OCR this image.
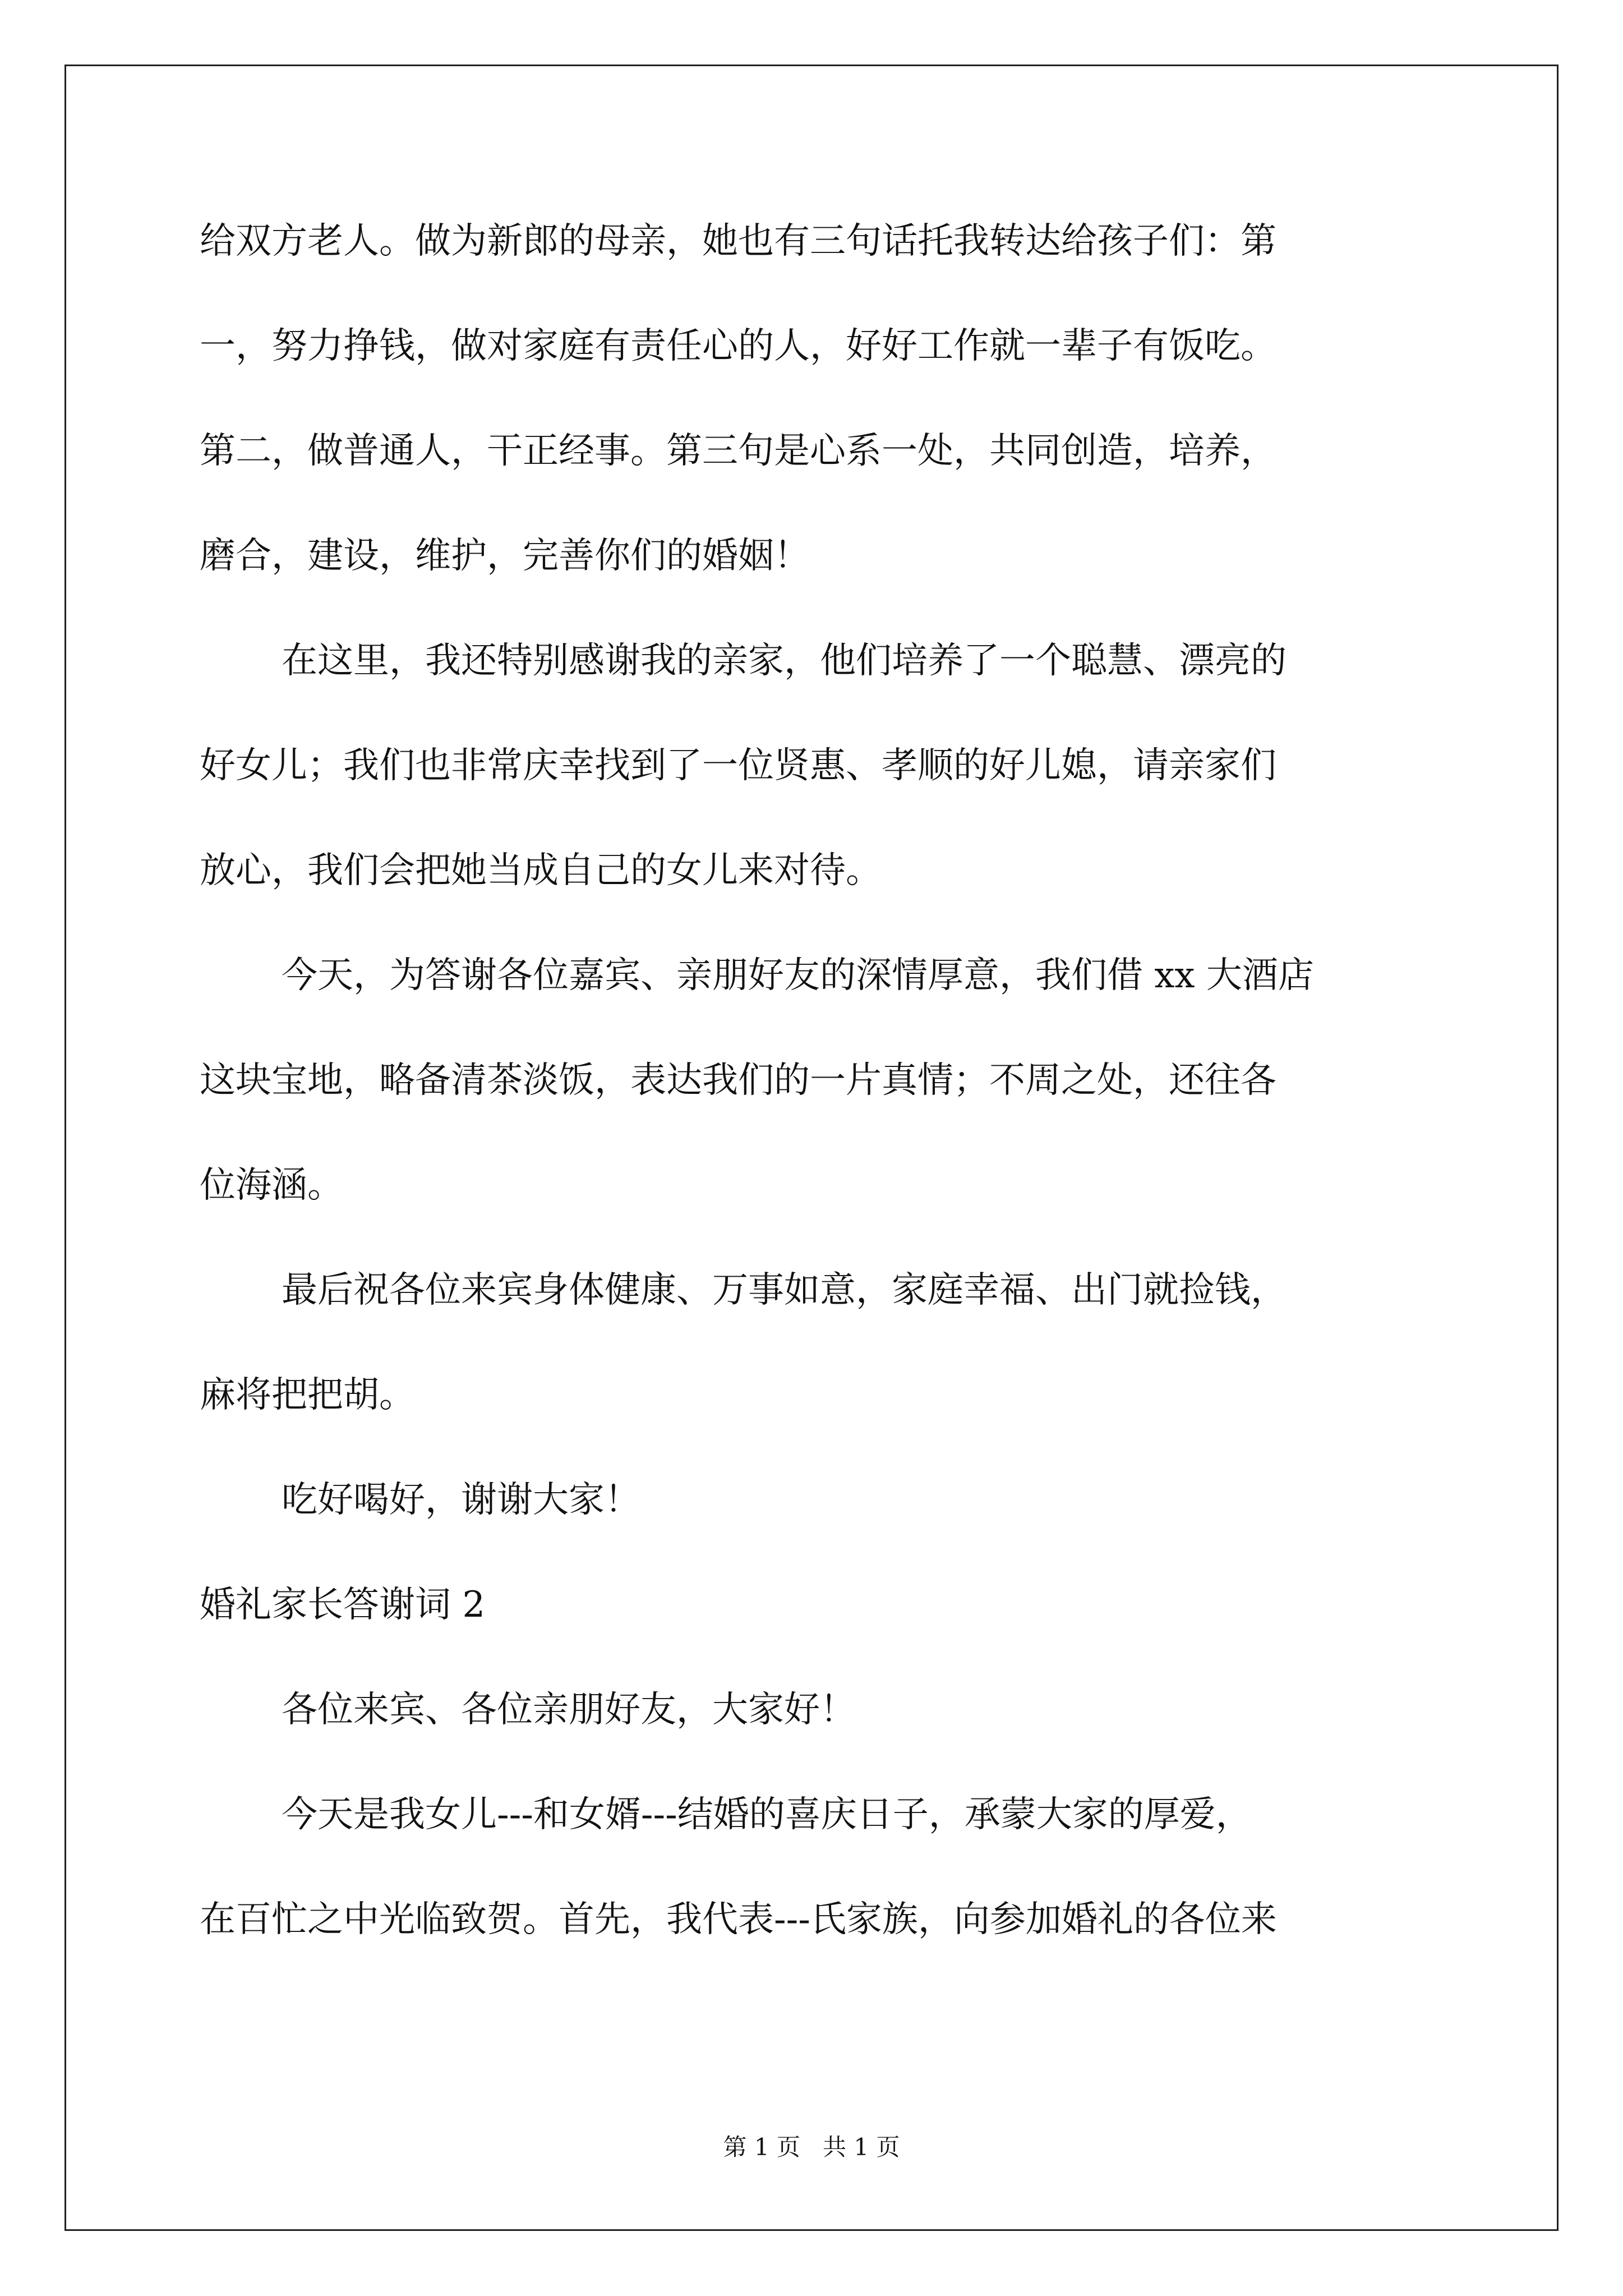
给双方老人。做为新郎的母亲，她也有三句话托我转达给孩子们：第
一，努力挣钱，做对家庭有责任心的人，好好工作就一辈子有饭吃。
第二，做普通人，干正经事。第三句是心系一处，共同创造，培养，
磨合，建设，维护，完善你们的婚姻！
在这里，我还特别感谢我的亲家，他们培养了一个聪慧、漂亮的
好女儿；我们也非常庆幸找到了一位贤惠、孝顺的好儿媳，请亲家们
放心，我们会把她当成自己的女儿来对待。
今天，为答谢各位嘉宾、亲朋好友的深情厚意，我们借 xx 大酒店
这块宝地，略备清茶淡饭，表达我们的一片真情；不周之处，还往各
位海涵。
最后祝各位来宾身体健康、万事如意，家庭幸福、出门就捡钱，
麻将把把胡。
吃好喝好，谢谢大家！
婚礼家长答谢词 2
各位来宾、各位亲朋好友，大家好！
今天是我女儿---和女婿---结婚的喜庆日子，承蒙大家的厚爱，
在百忙之中光临致贺。首先，我代表---氏家族，向参加婚礼的各位来
第 1 页   共 1 页
